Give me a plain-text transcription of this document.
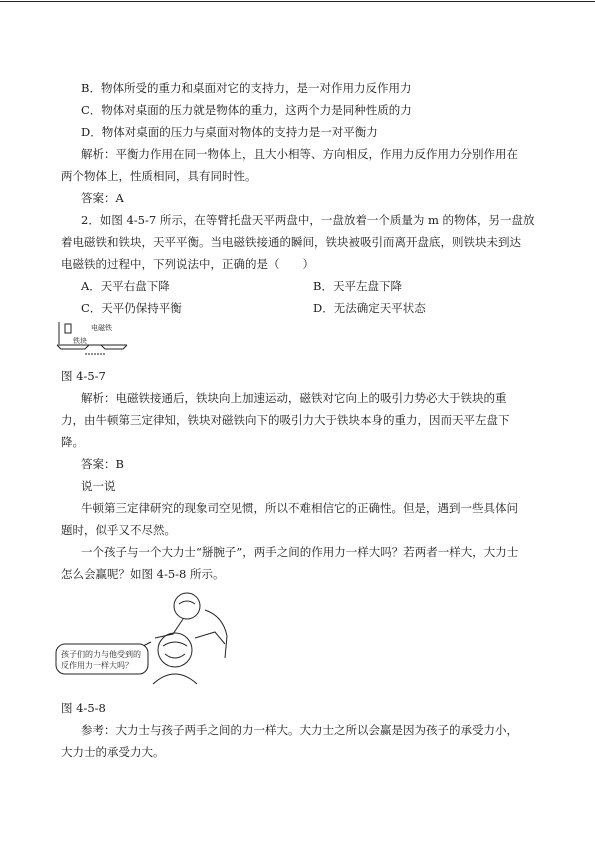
B．物体所受的重力和桌面对它的支持力，是一对作用力反作用力
C．物体对桌面的压力就是物体的重力，这两个力是同种性质的力
D．物体对桌面的压力与桌面对物体的支持力是一对平衡力
解析：平衡力作用在同一物体上，且大小相等、方向相反，作用力反作用力分别作用在
两个物体上，性质相同，具有同时性。
答案：A
2．如图 4-5-7 所示，在等臂托盘天平两盘中，一盘放着一个质量为 m 的物体，另一盘放
着电磁铁和铁块，天平平衡。当电磁铁接通的瞬间，铁块被吸引而离开盘底，则铁块未到达
电磁铁的过程中，下列说法中，正确的是（　　）
A．天平右盘下降	B．天平左盘下降
C．天平仍保持平衡	D．无法确定天平状态
电磁铁
铁块
图 4-5-7
解析：电磁铁接通后，铁块向上加速运动，磁铁对它向上的吸引力势必大于铁块的重
力，由牛顿第三定律知，铁块对磁铁向下的吸引力大于铁块本身的重力，因而天平左盘下
降。
答案：B
说一说
牛顿第三定律研究的现象司空见惯，所以不难相信它的正确性。但是，遇到一些具体问
题时，似乎又不尽然。
一个孩子与一个大力士“掰腕子”，两手之间的作用力一样大吗？若两者一样大，大力士
怎么会赢呢？如图 4-5-8 所示。
孩子们的力与他受到的
反作用力一样大吗？
图 4-5-8
参考：大力士与孩子两手之间的力一样大。大力士之所以会赢是因为孩子的承受力小，
大力士的承受力大。
